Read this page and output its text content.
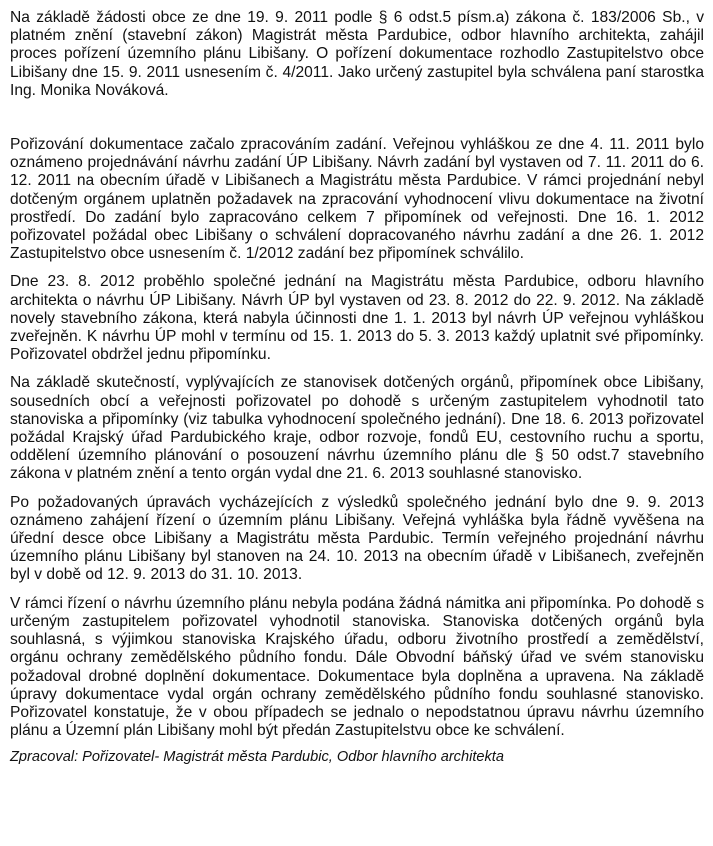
Na základě žádosti obce ze dne 19. 9. 2011 podle § 6 odst.5 písm.a) zákona č. 183/2006 Sb., v platném znění (stavební zákon) Magistrát města Pardubice, odbor hlavního architekta, zahájil proces pořízení územního plánu Libišany. O pořízení dokumentace rozhodlo Zastupitelstvo obce Libišany dne 15. 9. 2011 usnesením č. 4/2011. Jako určený zastupitel byla schválena paní starostka Ing. Monika Nováková.

Pořizování dokumentace začalo zpracováním zadání. Veřejnou vyhláškou ze dne 4. 11. 2011 bylo oznámeno projednávání návrhu zadání ÚP Libišany. Návrh zadání byl vystaven od 7. 11. 2011 do 6. 12. 2011 na obecním úřadě v Libišanech a Magistrátu města Pardubice. V rámci projednání nebyl dotčeným orgánem uplatněn požadavek na zpracování vyhodnocení vlivu dokumentace na životní prostředí. Do zadání bylo zapracováno celkem 7 připomínek od veřejnosti. Dne 16. 1. 2012 pořizovatel požádal obec Libišany o schválení dopracovaného návrhu zadání a dne 26. 1. 2012 Zastupitelstvo obce usnesením č. 1/2012 zadání bez připomínek schválilo.

Dne 23. 8. 2012 proběhlo společné jednání na Magistrátu města Pardubice, odboru hlavního architekta o návrhu ÚP Libišany. Návrh ÚP byl vystaven od 23. 8. 2012 do 22. 9. 2012. Na základě novely stavebního zákona, která nabyla účinnosti dne 1. 1. 2013 byl návrh ÚP veřejnou vyhláškou zveřejněn. K návrhu ÚP mohl v termínu od 15. 1. 2013 do 5. 3. 2013 každý uplatnit své připomínky. Pořizovatel obdržel jednu připomínku.

Na základě skutečností, vyplývajících ze stanovisek dotčených orgánů, připomínek obce Libišany, sousedních obcí a veřejnosti pořizovatel po dohodě s určeným zastupitelem vyhodnotil tato stanoviska a připomínky (viz tabulka vyhodnocení společného jednání). Dne 18. 6. 2013 pořizovatel požádal Krajský úřad Pardubického kraje, odbor rozvoje, fondů EU, cestovního ruchu a sportu, oddělení územního plánování o posouzení návrhu územního plánu dle § 50 odst.7 stavebního zákona v platném znění a tento orgán vydal dne 21. 6. 2013 souhlasné stanovisko.

Po požadovaných úpravách vycházejících z výsledků společného jednání bylo dne 9. 9. 2013 oznámeno zahájení řízení o územním plánu Libišany. Veřejná vyhláška byla řádně vyvěšena na úřední desce obce Libišany a Magistrátu města Pardubic. Termín veřejného projednání návrhu územního plánu Libišany byl stanoven na 24. 10. 2013 na obecním úřadě v Libišanech, zveřejněn byl v době od 12. 9. 2013 do 31. 10. 2013.

V rámci řízení o návrhu územního plánu nebyla podána žádná námitka ani připomínka. Po dohodě s určeným zastupitelem pořizovatel vyhodnotil stanoviska. Stanoviska dotčených orgánů byla souhlasná, s výjimkou stanoviska Krajského úřadu, odboru životního prostředí a zemědělství, orgánu ochrany zemědělského půdního fondu. Dále Obvodní báňský úřad ve svém stanovisku požadoval drobné doplnění dokumentace. Dokumentace byla doplněna a upravena. Na základě úpravy dokumentace vydal orgán ochrany zemědělského půdního fondu souhlasné stanovisko. Pořizovatel konstatuje, že v obou případech se jednalo o nepodstatnou úpravu návrhu územního plánu a Územní plán Libišany mohl být předán Zastupitelstvu obce ke schválení.

Zpracoval: Pořizovatel- Magistrát města Pardubic, Odbor hlavního architekta
